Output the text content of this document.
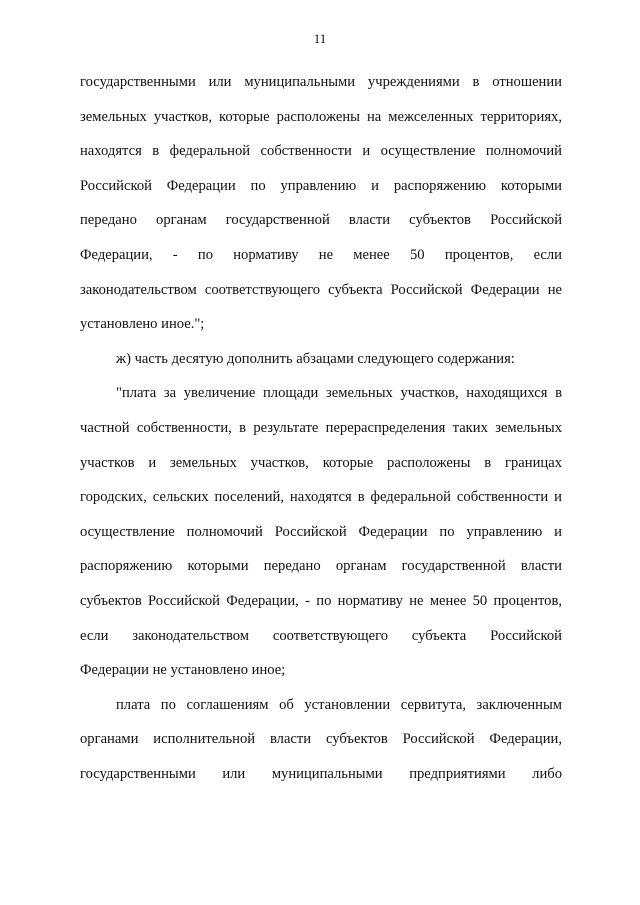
11
государственными или муниципальными учреждениями в отношении
земельных участков, которые расположены на межселенных территориях,
находятся в федеральной собственности и осуществление полномочий
Российской Федерации по управлению и распоряжению которыми
передано органам государственной власти субъектов Российской
Федерации, - по нормативу не менее 50 процентов, если
законодательством соответствующего субъекта Российской Федерации не
установлено иное.";
ж) часть десятую дополнить абзацами следующего содержания:
"плата за увеличение площади земельных участков, находящихся в
частной собственности, в результате перераспределения таких земельных
участков и земельных участков, которые расположены в границах
городских, сельских поселений, находятся в федеральной собственности и
осуществление полномочий Российской Федерации по управлению и
распоряжению которыми передано органам государственной власти
субъектов Российской Федерации, - по нормативу не менее 50 процентов,
если законодательством соответствующего субъекта Российской
Федерации не установлено иное;
плата по соглашениям об установлении сервитута, заключенным
органами исполнительной власти субъектов Российской Федерации,
государственными или муниципальными предприятиями либо
